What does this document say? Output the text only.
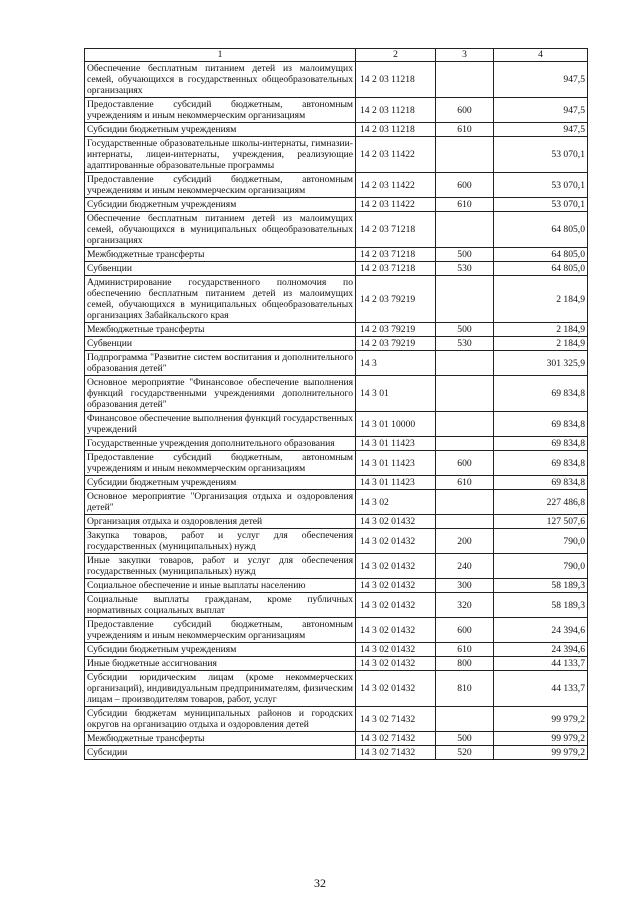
1	2	3	4
Обеспечение бесплатным питанием детей из малоимущих семей, обучающихся в государственных общеобразовательных организациях	14 2 03 11218		947,5
Предоставление субсидий бюджетным, автономным учреждениям и иным некоммерческим организациям	14 2 03 11218	600	947,5
Субсидии бюджетным учреждениям	14 2 03 11218	610	947,5
Государственные образовательные школы-интернаты, гимназии-интернаты, лицеи-интернаты, учреждения, реализующие адаптированные образовательные программы	14 2 03 11422		53 070,1
Предоставление субсидий бюджетным, автономным учреждениям и иным некоммерческим организациям	14 2 03 11422	600	53 070,1
Субсидии бюджетным учреждениям	14 2 03 11422	610	53 070,1
Обеспечение бесплатным питанием детей из малоимущих семей, обучающихся в муниципальных общеобразовательных организациях	14 2 03 71218		64 805,0
Межбюджетные трансферты	14 2 03 71218	500	64 805,0
Субвенции	14 2 03 71218	530	64 805,0
Администрирование государственного полномочия по обеспечению бесплатным питанием детей из малоимущих семей, обучающихся в муниципальных общеобразовательных организациях Забайкальского края	14 2 03 79219		2 184,9
Межбюджетные трансферты	14 2 03 79219	500	2 184,9
Субвенции	14 2 03 79219	530	2 184,9
Подпрограмма "Развитие систем воспитания и дополнительного образования детей"	14 3		301 325,9
Основное мероприятие "Финансовое обеспечение выполнения функций государственными учреждениями дополнительного образования детей"	14 3 01		69 834,8
Финансовое обеспечение выполнения функций государственных учреждений	14 3 01 10000		69 834,8
Государственные учреждения дополнительного образования	14 3 01 11423		69 834,8
Предоставление субсидий бюджетным, автономным учреждениям и иным некоммерческим организациям	14 3 01 11423	600	69 834,8
Субсидии бюджетным учреждениям	14 3 01 11423	610	69 834,8
Основное мероприятие "Организация отдыха и оздоровления детей"	14 3 02		227 486,8
Организация отдыха и оздоровления детей	14 3 02 01432		127 507,6
Закупка товаров, работ и услуг для обеспечения государственных (муниципальных) нужд	14 3 02 01432	200	790,0
Иные закупки товаров, работ и услуг для обеспечения государственных (муниципальных) нужд	14 3 02 01432	240	790,0
Социальное обеспечение и иные выплаты населению	14 3 02 01432	300	58 189,3
Социальные выплаты гражданам, кроме публичных нормативных социальных выплат	14 3 02 01432	320	58 189,3
Предоставление субсидий бюджетным, автономным учреждениям и иным некоммерческим организациям	14 3 02 01432	600	24 394,6
Субсидии бюджетным учреждениям	14 3 02 01432	610	24 394,6
Иные бюджетные ассигнования	14 3 02 01432	800	44 133,7
Субсидии юридическим лицам (кроме некоммерческих организаций), индивидуальным предпринимателям, физическим лицам – производителям товаров, работ, услуг	14 3 02 01432	810	44 133,7
Субсидии бюджетам муниципальных районов и городских округов на организацию отдыха и оздоровления детей	14 3 02 71432		99 979,2
Межбюджетные трансферты	14 3 02 71432	500	99 979,2
Субсидии	14 3 02 71432	520	99 979,2
32
